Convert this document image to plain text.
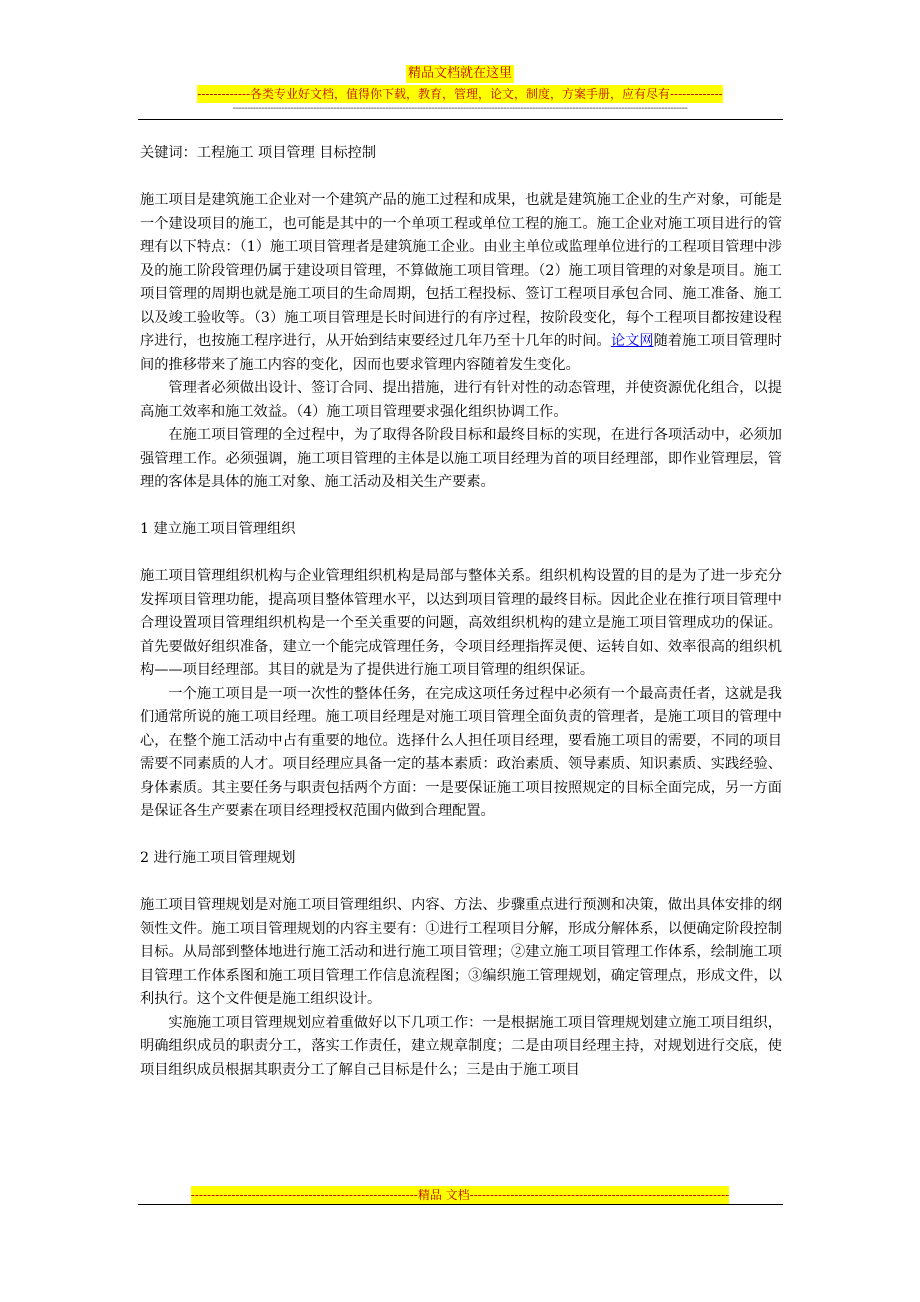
精品文档就在这里
-------------各类专业好文档，值得你下载，教育，管理，论文，制度，方案手册，应有尽有-------------
--------------------------------------------------------------------------------------------------------------------------------------------------------------

关键词：工程施工 项目管理 目标控制

施工项目是建筑施工企业对一个建筑产品的施工过程和成果，也就是建筑施工企业的生产对象，可能是一个建设项目的施工，也可能是其中的一个单项工程或单位工程的施工。施工企业对施工项目进行的管理有以下特点：（1）施工项目管理者是建筑施工企业。由业主单位或监理单位进行的工程项目管理中涉及的施工阶段管理仍属于建设项目管理，不算做施工项目管理。（2）施工项目管理的对象是项目。施工项目管理的周期也就是施工项目的生命周期，包括工程投标、签订工程项目承包合同、施工准备、施工以及竣工验收等。（3）施工项目管理是长时间进行的有序过程，按阶段变化，每个工程项目都按建设程序进行，也按施工程序进行，从开始到结束要经过几年乃至十几年的时间。论文网随着施工项目管理时间的推移带来了施工内容的变化，因而也要求管理内容随着发生变化。

管理者必须做出设计、签订合同、提出措施，进行有针对性的动态管理，并使资源优化组合，以提高施工效率和施工效益。（4）施工项目管理要求强化组织协调工作。

在施工项目管理的全过程中，为了取得各阶段目标和最终目标的实现，在进行各项活动中，必须加强管理工作。必须强调，施工项目管理的主体是以施工项目经理为首的项目经理部，即作业管理层，管理的客体是具体的施工对象、施工活动及相关生产要素。

1 建立施工项目管理组织

施工项目管理组织机构与企业管理组织机构是局部与整体关系。组织机构设置的目的是为了进一步充分发挥项目管理功能，提高项目整体管理水平，以达到项目管理的最终目标。因此企业在推行项目管理中合理设置项目管理组织机构是一个至关重要的问题，高效组织机构的建立是施工项目管理成功的保证。首先要做好组织准备，建立一个能完成管理任务，令项目经理指挥灵便、运转自如、效率很高的组织机构——项目经理部。其目的就是为了提供进行施工项目管理的组织保证。

一个施工项目是一项一次性的整体任务，在完成这项任务过程中必须有一个最高责任者，这就是我们通常所说的施工项目经理。施工项目经理是对施工项目管理全面负责的管理者，是施工项目的管理中心，在整个施工活动中占有重要的地位。选择什么人担任项目经理，要看施工项目的需要，不同的项目需要不同素质的人才。项目经理应具备一定的基本素质：政治素质、领导素质、知识素质、实践经验、身体素质。其主要任务与职责包括两个方面：一是要保证施工项目按照规定的目标全面完成，另一方面是保证各生产要素在项目经理授权范围内做到合理配置。

2 进行施工项目管理规划

施工项目管理规划是对施工项目管理组织、内容、方法、步骤重点进行预测和决策，做出具体安排的纲领性文件。施工项目管理规划的内容主要有：①进行工程项目分解，形成分解体系，以便确定阶段控制目标。从局部到整体地进行施工活动和进行施工项目管理；②建立施工项目管理工作体系，绘制施工项目管理工作体系图和施工项目管理工作信息流程图；③编织施工管理规划，确定管理点，形成文件，以利执行。这个文件便是施工组织设计。

实施施工项目管理规划应着重做好以下几项工作：一是根据施工项目管理规划建立施工项目组织，明确组织成员的职责分工，落实工作责任，建立规章制度；二是由项目经理主持，对规划进行交底，使项目组织成员根据其职责分工了解自己目标是什么；三是由于施工项目

--------------------------------------------------------精品 文档----------------------------------------------------------------
